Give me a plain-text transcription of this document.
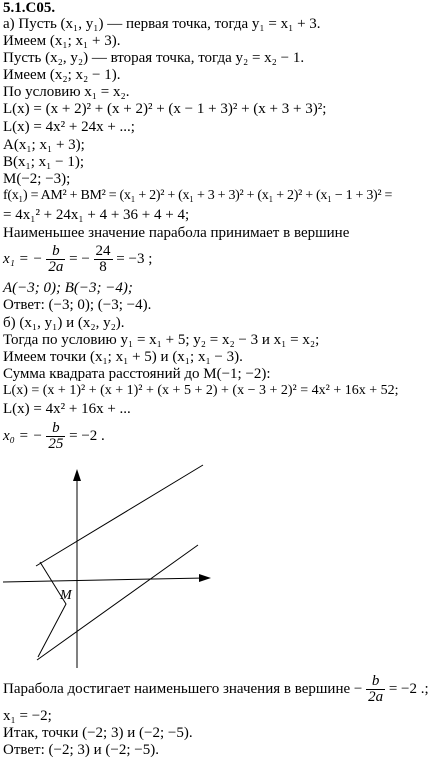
5.1.C05.
а) Пусть (x₁, y₁) — первая точка, тогда y₁ = x₁ + 3.
Имеем (x₁; x₁ + 3).
Пусть (x₂, y₂) — вторая точка, тогда y₂ = x₂ − 1.
Имеем (x₂; x₂ − 1).
По условию x₁ = x₂.
L(x) = (x + 2)² + (x + 2)² + (x − 1 + 3)² + (x + 3 + 3)²;
L(x) = 4x² + 24x + ...;
A(x₁; x₁ + 3);
B(x₁; x₁ − 1);
M(−2; −3);
f(x₁) = AM² + BM² = (x₁ + 2)² + (x₁ + 3 + 3)² + (x₁ + 2)² + (x₁ − 1 + 3)² =
= 4x₁² + 24x₁ + 4 + 36 + 4 + 4;
Наименьшее значение парабола принимает в вершине
x₁ = − $\frac{b}{2a}$ = − $\frac{24}{8} = -3$ ;
A(−3; 0); B(−3; −4);
Ответ: (−3; 0); (−3; −4).
б) (x₁, y₁) и (x₂, y₂).
Тогда по условию y₁ = x₁ + 5; y₂ = x₂ − 3 и x₁ = x₂;
Имеем точки (x₁; x₁ + 5) и (x₁; x₁ − 3).
Сумма квадрата расстояний до M(−1; −2):
L(x) = (x + 1)² + (x + 1)² + (x + 5 + 2) + (x − 3 + 2)² = 4x² + 16x + 52;
L(x) = 4x² + 16x + ...
x₀ = − $\frac{b}{25} = -2$ .
M
Парабола достигает наименьшего значения в вершине − $\frac{b}{2a} = -2$ .;
x₁ = −2;
Итак, точки (−2; 3) и (−2; −5).
Ответ: (−2; 3) и (−2; −5).
